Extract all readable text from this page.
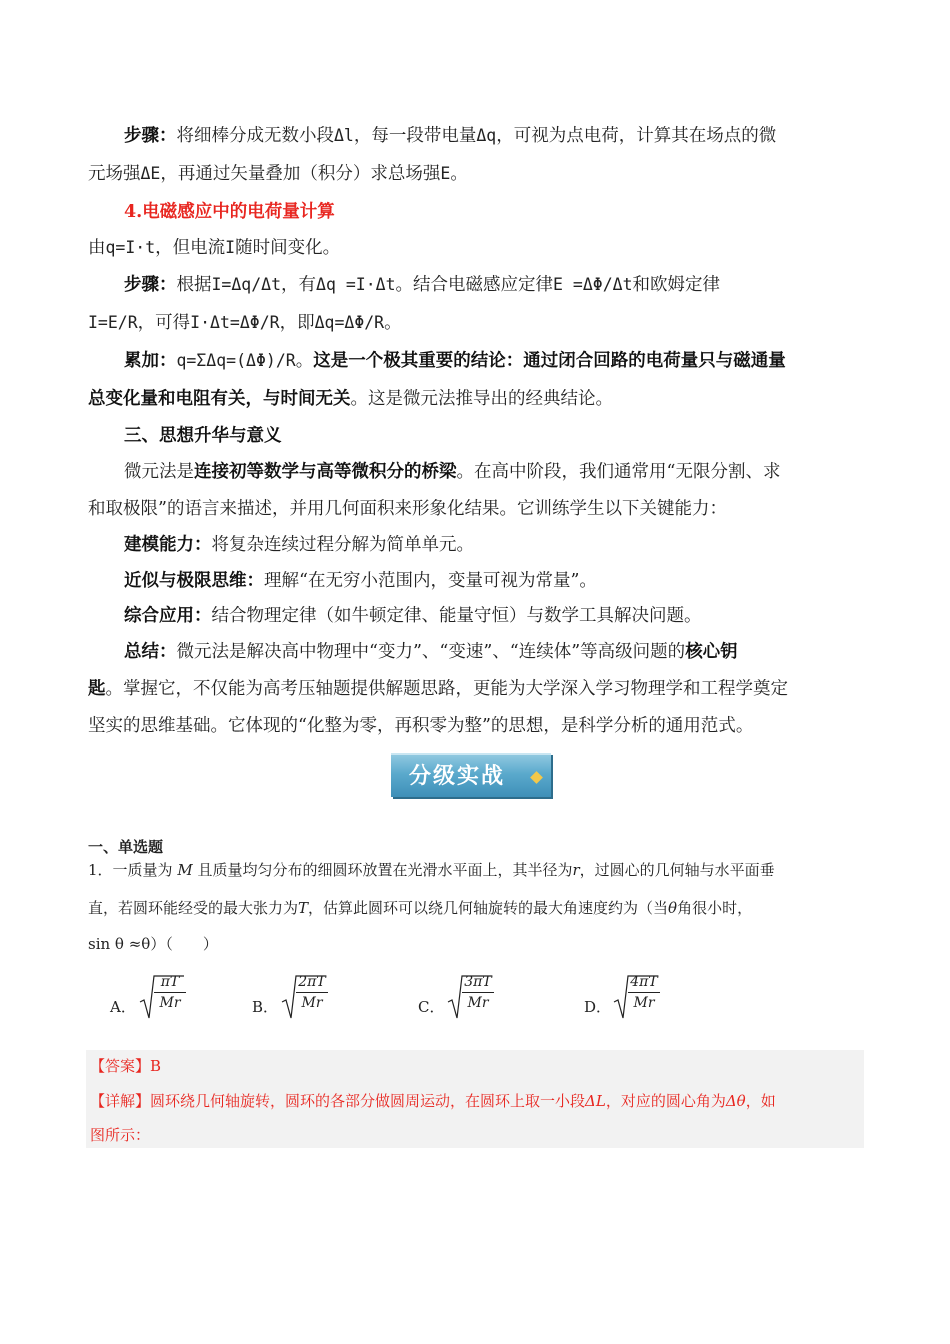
步骤：将细棒分成无数小段Δl，每一段带电量Δq，可视为点电荷，计算其在场点的微
元场强ΔE，再通过矢量叠加（积分）求总场强E。
4.电磁感应中的电荷量计算
由q=I·t，但电流I随时间变化。
步骤：根据I=Δq/Δt，有Δq =I·Δt。结合电磁感应定律E =ΔΦ/Δt和欧姆定律
I=E/R，可得I·Δt=ΔΦ/R，即Δq=ΔΦ/R。
累加：q=ΣΔq=(ΔΦ)/R。这是一个极其重要的结论：通过闭合回路的电荷量只与磁通量
总变化量和电阻有关，与时间无关。这是微元法推导出的经典结论。
三、思想升华与意义
微元法是连接初等数学与高等微积分的桥梁。在高中阶段，我们通常用“无限分割、求
和取极限”的语言来描述，并用几何面积来形象化结果。它训练学生以下关键能力：
建模能力：将复杂连续过程分解为简单单元。
近似与极限思维：理解“在无穷小范围内，变量可视为常量”。
综合应用：结合物理定律（如牛顿定律、能量守恒）与数学工具解决问题。
总结：微元法是解决高中物理中“变力”、“变速”、“连续体”等高级问题的核心钥
匙。掌握它，不仅能为高考压轴题提供解题思路，更能为大学深入学习物理学和工程学奠定
坚实的思维基础。它体现的“化整为零，再积零为整”的思想，是科学分析的通用范式。
分级实战
一、单选题
1．一质量为 M 且质量均匀分布的细圆环放置在光滑水平面上，其半径为r，过圆心的几何轴与水平面垂
直，若圆环能经受的最大张力为T，估算此圆环可以绕几何轴旋转的最大角速度约为（当θ角很小时，
sin θ ≈θ）（　　）
A． $\frac{\pi T}{Mr}$	B． $\frac{2\pi T}{Mr}$	C． $\frac{3\pi T}{Mr}$	D． $\frac{4\pi T}{Mr}$
【答案】B
【详解】圆环绕几何轴旋转，圆环的各部分做圆周运动，在圆环上取一小段ΔL，对应的圆心角为Δθ，如
图所示：
